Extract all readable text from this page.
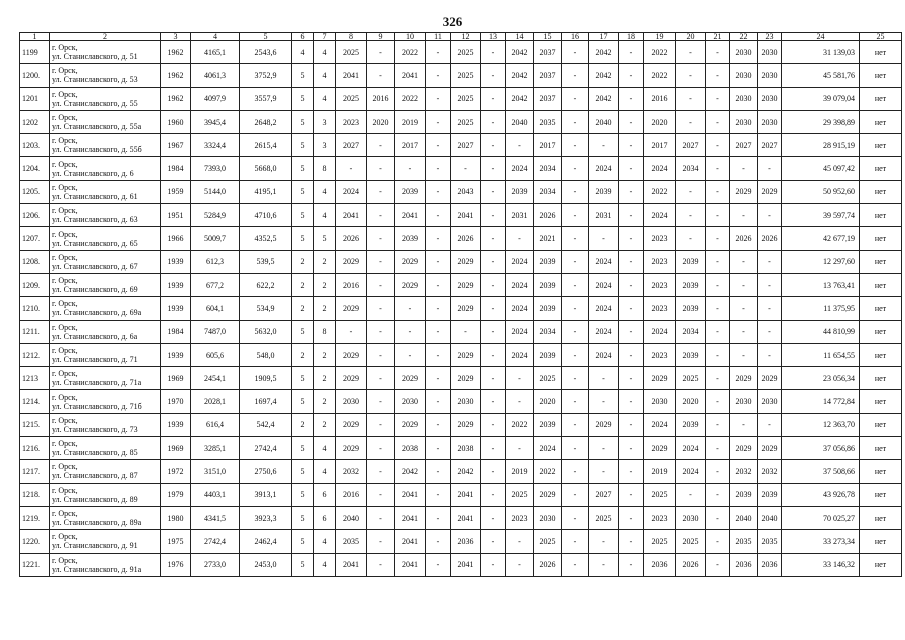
326
1	2	3	4	5	6	7	8	9	10	11	12	13	14	15	16	17	18	19	20	21	22	23	24	25
1199	г. Орск,
ул. Станиславского, д. 51	1962	4165,1	2543,6	4	4	2025	-	2022	-	2025	-	2042	2037	-	2042	-	2022	-	-	2030	2030	31 139,03	нет
1200.	г. Орск,
ул. Станиславского, д. 53	1962	4061,3	3752,9	5	4	2041	-	2041	-	2025	-	2042	2037	-	2042	-	2022	-	-	2030	2030	45 581,76	нет
1201	г. Орск,
ул. Станиславского, д. 55	1962	4097,9	3557,9	5	4	2025	2016	2022	-	2025	-	2042	2037	-	2042	-	2016	-	-	2030	2030	39 079,04	нет
1202	г. Орск,
ул. Станиславского, д. 55а	1960	3945,4	2648,2	5	3	2023	2020	2019	-	2025	-	2040	2035	-	2040	-	2020	-	-	2030	2030	29 398,89	нет
1203.	г. Орск,
ул. Станиславского, д. 55б	1967	3324,4	2615,4	5	3	2027	-	2017	-	2027	-	-	2017	-	-	-	2017	2027	-	2027	2027	28 915,19	нет
1204.	г. Орск,
ул. Станиславского, д. 6	1984	7393,0	5668,0	5	8	-	-	-	-	-	-	2024	2034	-	2024	-	2024	2034	-	-	-	45 097,42	нет
1205.	г. Орск,
ул. Станиславского, д. 61	1959	5144,0	4195,1	5	4	2024	-	2039	-	2043	-	2039	2034	-	2039	-	2022	-	-	2029	2029	50 952,60	нет
1206.	г. Орск,
ул. Станиславского, д. 63	1951	5284,9	4710,6	5	4	2041	-	2041	-	2041	-	2031	2026	-	2031	-	2024	-	-	-	-	39 597,74	нет
1207.	г. Орск,
ул. Станиславского, д. 65	1966	5009,7	4352,5	5	5	2026	-	2039	-	2026	-	-	2021	-	-	-	2023	-	-	2026	2026	42 677,19	нет
1208.	г. Орск,
ул. Станиславского, д. 67	1939	612,3	539,5	2	2	2029	-	2029	-	2029	-	2024	2039	-	2024	-	2023	2039	-	-	-	12 297,60	нет
1209.	г. Орск,
ул. Станиславского, д. 69	1939	677,2	622,2	2	2	2016	-	2029	-	2029	-	2024	2039	-	2024	-	2023	2039	-	-	-	13 763,41	нет
1210.	г. Орск,
ул. Станиславского, д. 69а	1939	604,1	534,9	2	2	2029	-	-	-	2029	-	2024	2039	-	2024	-	2023	2039	-	-	-	11 375,95	нет
1211.	г. Орск,
ул. Станиславского, д. 6а	1984	7487,0	5632,0	5	8	-	-	-	-	-	-	2024	2034	-	2024	-	2024	2034	-	-	-	44 810,99	нет
1212.	г. Орск,
ул. Станиславского, д. 71	1939	605,6	548,0	2	2	2029	-	-	-	2029	-	2024	2039	-	2024	-	2023	2039	-	-	-	11 654,55	нет
1213	г. Орск,
ул. Станиславского, д. 71а	1969	2454,1	1909,5	5	2	2029	-	2029	-	2029	-	-	2025	-	-	-	2029	2025	-	2029	2029	23 056,34	нет
1214.	г. Орск,
ул. Станиславского, д. 71б	1970	2028,1	1697,4	5	2	2030	-	2030	-	2030	-	-	2020	-	-	-	2030	2020	-	2030	2030	14 772,84	нет
1215.	г. Орск,
ул. Станиславского, д. 73	1939	616,4	542,4	2	2	2029	-	2029	-	2029	-	2022	2039	-	2029	-	2024	2039	-	-	-	12 363,70	нет
1216.	г. Орск,
ул. Станиславского, д. 85	1969	3285,1	2742,4	5	4	2029	-	2038	-	2038	-	-	2024	-	-	-	2029	2024	-	2029	2029	37 056,86	нет
1217.	г. Орск,
ул. Станиславского, д. 87	1972	3151,0	2750,6	5	4	2032	-	2042	-	2042	-	2019	2022	-	-	-	2019	2024	-	2032	2032	37 508,66	нет
1218.	г. Орск,
ул. Станиславского, д. 89	1979	4403,1	3913,1	5	6	2016	-	2041	-	2041	-	2025	2029	-	2027	-	2025	-	-	2039	2039	43 926,78	нет
1219.	г. Орск,
ул. Станиславского, д. 89а	1980	4341,5	3923,3	5	6	2040	-	2041	-	2041	-	2023	2030	-	2025	-	2023	2030	-	2040	2040	70 025,27	нет
1220.	г. Орск,
ул. Станиславского, д. 91	1975	2742,4	2462,4	5	4	2035	-	2041	-	2036	-	-	2025	-	-	-	2025	2025	-	2035	2035	33 273,34	нет
1221.	г. Орск,
ул. Станиславского, д. 91а	1976	2733,0	2453,0	5	4	2041	-	2041	-	2041	-	-	2026	-	-	-	2036	2026	-	2036	2036	33 146,32	нет
